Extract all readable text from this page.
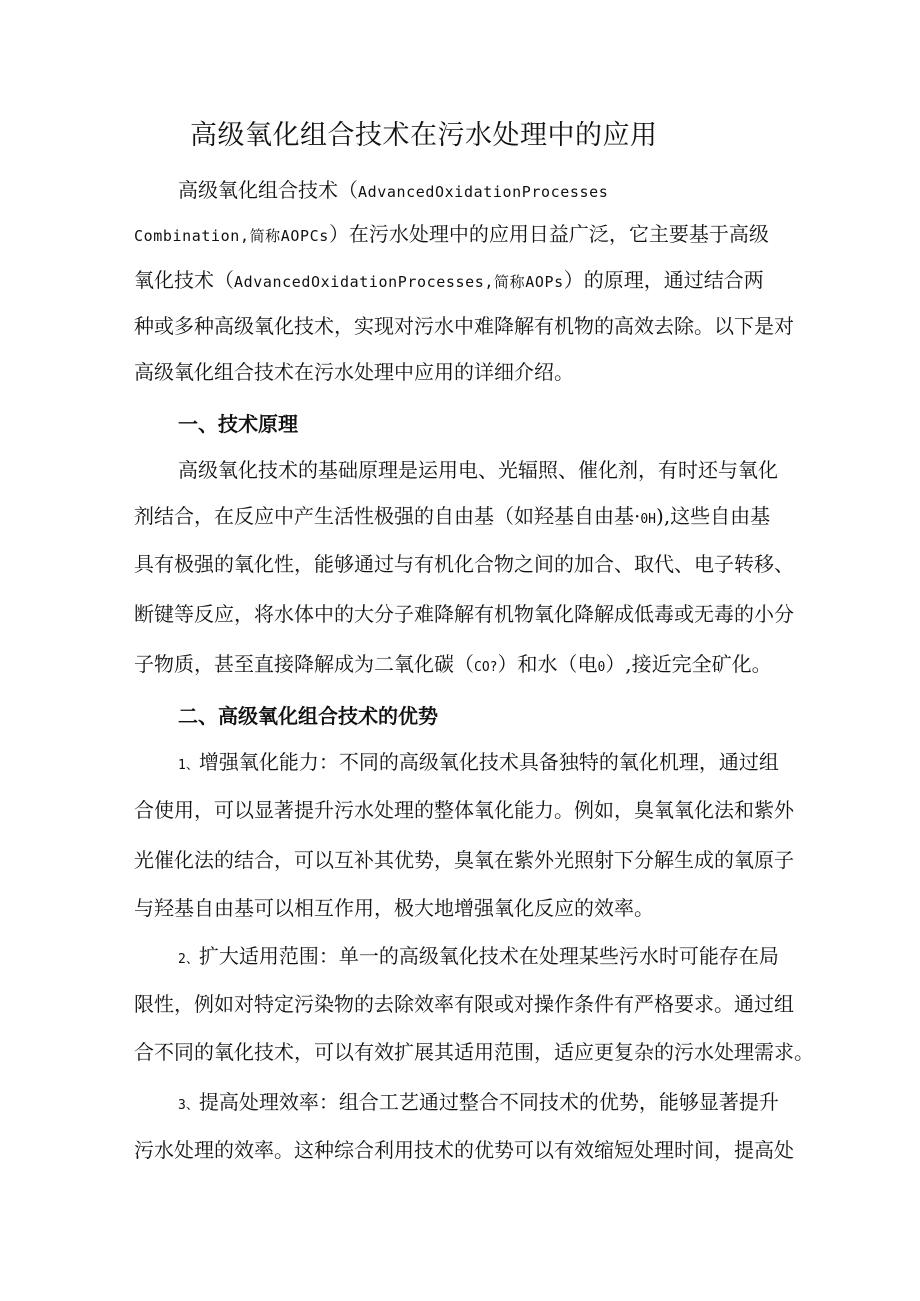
高级氧化组合技术在污水处理中的应用
高级氧化组合技术（AdvancedOxidationProcesses
Combination,简称AOPCs）在污水处理中的应用日益广泛，它主要基于高级
氧化技术（AdvancedOxidationProcesses,简称AOPs）的原理，通过结合两
种或多种高级氧化技术，实现对污水中难降解有机物的高效去除。以下是对
高级氧化组合技术在污水处理中应用的详细介绍。
一、技术原理
高级氧化技术的基础原理是运用电、光辐照、催化剂，有时还与氧化
剂结合，在反应中产生活性极强的自由基（如羟基自由基·0H),这些自由基
具有极强的氧化性，能够通过与有机化合物之间的加合、取代、电子转移、
断键等反应，将水体中的大分子难降解有机物氧化降解成低毒或无毒的小分
子物质，甚至直接降解成为二氧化碳（CO?）和水（电0）,接近完全矿化。
二、高级氧化组合技术的优势
1、增强氧化能力：不同的高级氧化技术具备独特的氧化机理，通过组
合使用，可以显著提升污水处理的整体氧化能力。例如，臭氧氧化法和紫外
光催化法的结合，可以互补其优势，臭氧在紫外光照射下分解生成的氧原子
与羟基自由基可以相互作用，极大地增强氧化反应的效率。
2、扩大适用范围：单一的高级氧化技术在处理某些污水时可能存在局
限性，例如对特定污染物的去除效率有限或对操作条件有严格要求。通过组
合不同的氧化技术，可以有效扩展其适用范围，适应更复杂的污水处理需求。
3、提高处理效率：组合工艺通过整合不同技术的优势，能够显著提升
污水处理的效率。这种综合利用技术的优势可以有效缩短处理时间，提高处
